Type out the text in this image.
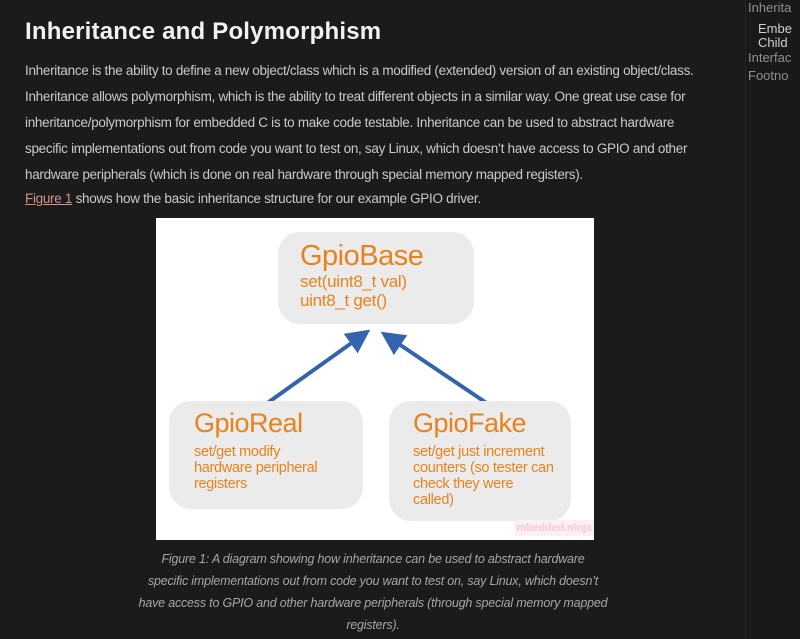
Inheritance and Polymorphism
Inheritance is the ability to define a new object/class which is a modified (extended) version of an existing object/class.
Inheritance allows polymorphism, which is the ability to treat different objects in a similar way. One great use case for
inheritance/polymorphism for embedded C is to make code testable. Inheritance can be used to abstract hardware
specific implementations out from code you want to test on, say Linux, which doesn’t have access to GPIO and other
hardware peripherals (which is done on real hardware through special memory mapped registers).

Figure 1 shows how the basic inheritance structure for our example GPIO driver.

GpioBase
set(uint8_t val)
uint8_t get()
GpioReal
set/get modify
hardware peripheral
registers
GpioFake
set/get just increment
counters (so tester can
check they were
called)
mbedded.ninja
Figure 1: A diagram showing how inheritance can be used to abstract hardware
specific implementations out from code you want to test on, say Linux, which doesn’t
have access to GPIO and other hardware peripherals (through special memory mapped
registers).
Inherita
Embe
Child
Interfac
Footno
